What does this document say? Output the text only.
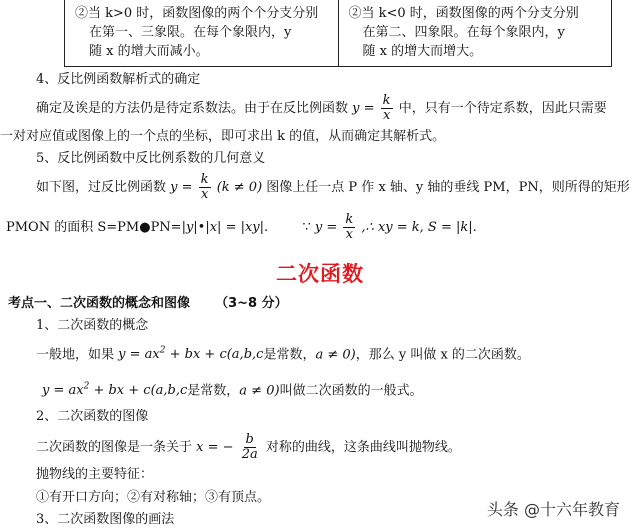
②当 k>0 时，函数图像的两个个分支分别
在第一、三象限。在每个象限内，y
随 x 的增大而减小。
②当 k<0 时，函数图像的两个分支分别
在第二、四象限。在每个象限内，y
随 x 的增大而增大。
4、反比例函数解析式的确定
确定及诶是的方法仍是待定系数法。由于在反比例函数 $y = \frac{k}{x}$ 中，只有一个待定系数，因此只需要
一对对应值或图像上的一个点的坐标，即可求出 k 的值，从而确定其解析式。
5、反比例函数中反比例系数的几何意义
如下图，过反比例函数 $y = \frac{k}{x} (k \ne 0)$ 图像上任一点 P 作 x 轴、y 轴的垂线 PM，PN，则所得的矩形
PMON 的面积 S=PM●PN=|y|•|x| = |xy|.	∵ $y = \frac{k}{x}$ ,∴ xy = k, S = |k|.
二次函数
考点一、二次函数的概念和图像 （3~8 分）
1、二次函数的概念
一般地，如果 $y = ax^2$ + bx + c(a,b,c是常数，a ≠ 0)，那么 y 叫做 x 的二次函数。
$y = ax^2$ + bx + c(a,b,c是常数，a ≠ 0)叫做二次函数的一般式。
2、二次函数的图像
二次函数的图像是一条关于 x = − $\frac{b}{2a}$ 对称的曲线，这条曲线叫抛物线。
抛物线的主要特征：
①有开口方向；②有对称轴；③有顶点。
3、二次函数图像的画法
头条 @十六年教育
